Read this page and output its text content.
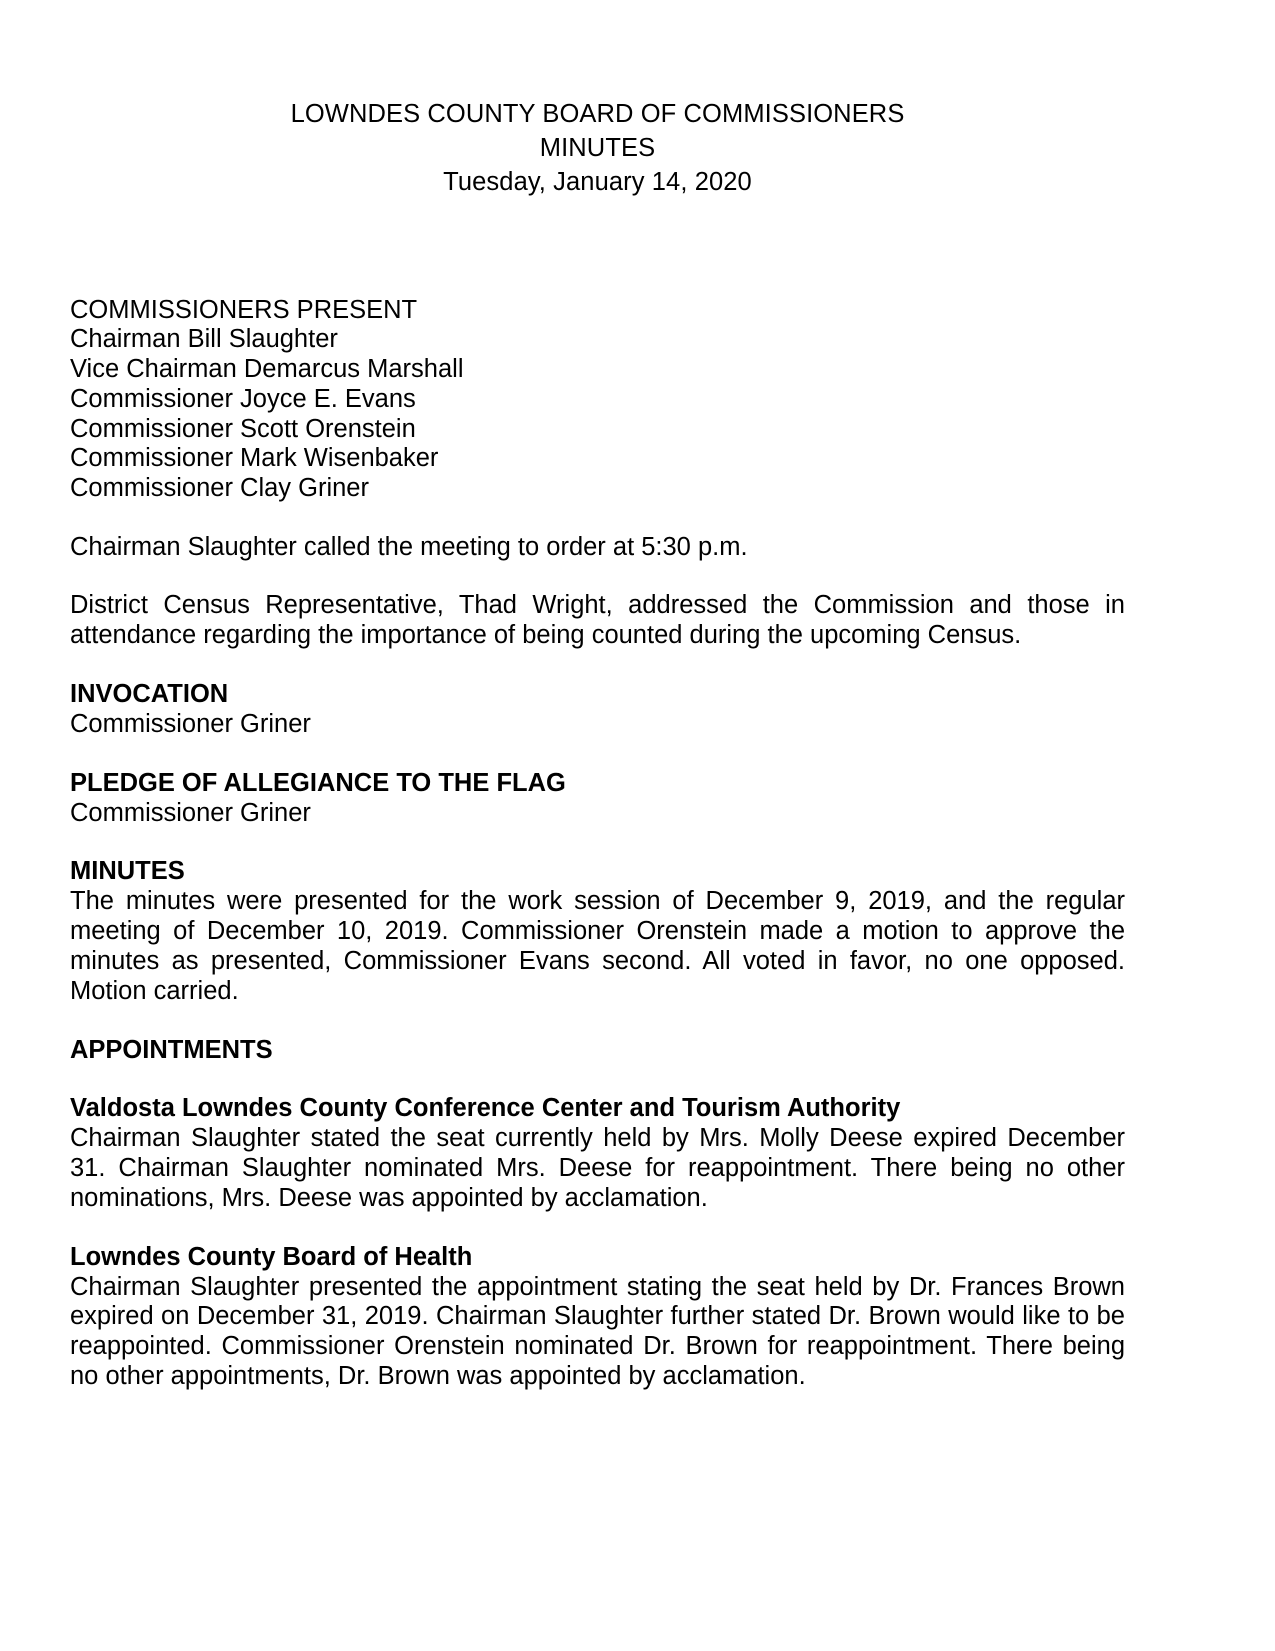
LOWNDES COUNTY BOARD OF COMMISSIONERS
MINUTES
Tuesday, January 14, 2020
COMMISSIONERS PRESENT
Chairman Bill Slaughter
Vice Chairman Demarcus Marshall
Commissioner Joyce E. Evans
Commissioner Scott Orenstein
Commissioner Mark Wisenbaker
Commissioner Clay Griner

Chairman Slaughter called the meeting to order at 5:30 p.m.

District Census Representative, Thad Wright, addressed the Commission and those in attendance regarding the importance of being counted during the upcoming Census.

INVOCATION

Commissioner Griner

PLEDGE OF ALLEGIANCE TO THE FLAG

Commissioner Griner

MINUTES

The minutes were presented for the work session of December 9, 2019, and the regular meeting of December 10, 2019. Commissioner Orenstein made a motion to approve the minutes as presented, Commissioner Evans second. All voted in favor, no one opposed. Motion carried.

APPOINTMENTS
Valdosta Lowndes County Conference Center and Tourism Authority

Chairman Slaughter stated the seat currently held by Mrs. Molly Deese expired December 31. Chairman Slaughter nominated Mrs. Deese for reappointment. There being no other nominations, Mrs. Deese was appointed by acclamation.

Lowndes County Board of Health

Chairman Slaughter presented the appointment stating the seat held by Dr. Frances Brown expired on December 31, 2019. Chairman Slaughter further stated Dr. Brown would like to be reappointed. Commissioner Orenstein nominated Dr. Brown for reappointment. There being no other appointments, Dr. Brown was appointed by acclamation.
